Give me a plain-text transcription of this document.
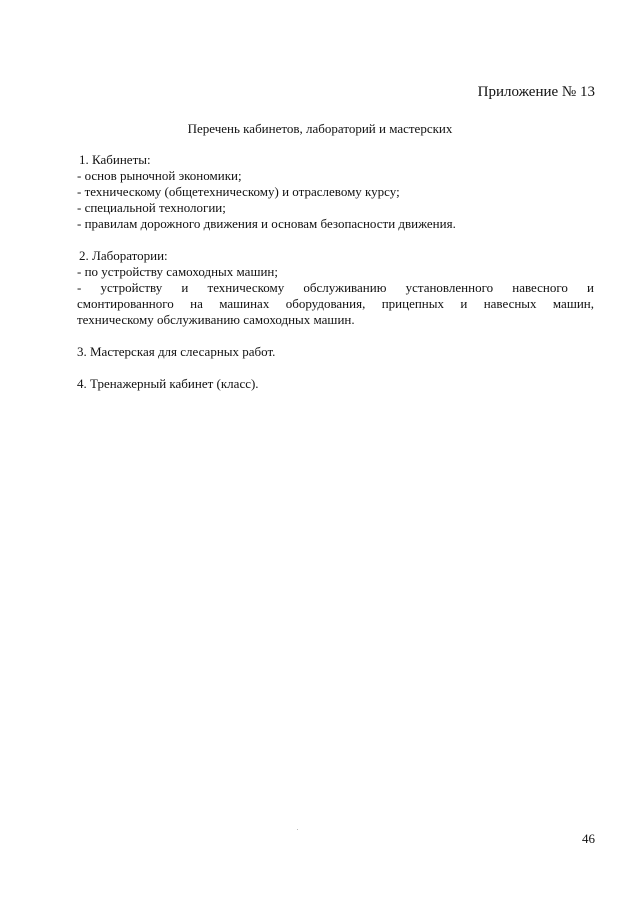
Приложение № 13
Перечень кабинетов, лабораторий и мастерских
1. Кабинеты:
- основ рыночной экономики;
- техническому (общетехническому) и отраслевому курсу;
- специальной технологии;
- правилам дорожного движения и основам безопасности движения.
2. Лаборатории:
- по устройству самоходных машин;
- устройству и техническому обслуживанию установленного навесного и
смонтированного на машинах оборудования, прицепных и навесных машин,
техническому обслуживанию самоходных машин.
3. Мастерская для слесарных работ.
4. Тренажерный кабинет (класс).
46
